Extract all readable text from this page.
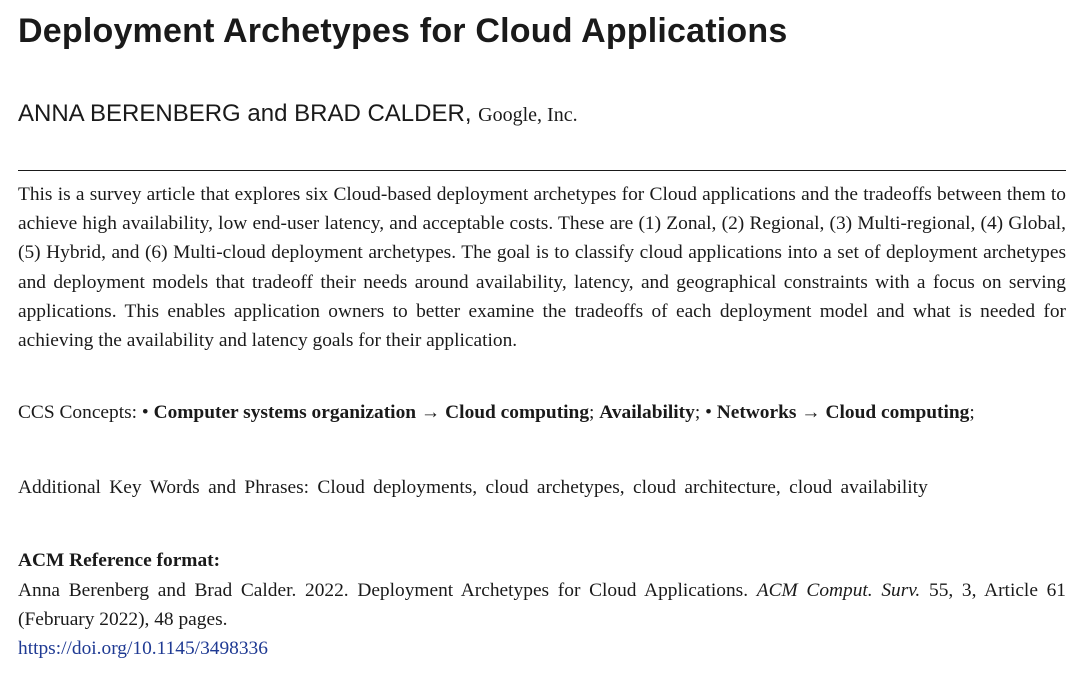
Deployment Archetypes for Cloud Applications
ANNA BERENBERG and BRAD CALDER, Google, Inc.

This is a survey article that explores six Cloud-based deployment archetypes for Cloud applications and the tradeoffs between them to achieve high availability, low end-user latency, and acceptable costs. These are (1) Zonal, (2) Regional, (3) Multi-regional, (4) Global, (5) Hybrid, and (6) Multi-cloud deployment archetypes. The goal is to classify cloud applications into a set of deployment archetypes and deployment models that tradeoff their needs around availability, latency, and geographical constraints with a focus on serving applications. This enables application owners to better examine the tradeoffs of each deployment model and what is needed for achieving the availability and latency goals for their application.

CCS Concepts: • Computer systems organization → Cloud computing; Availability; • Networks → Cloud computing;

Additional Key Words and Phrases: Cloud deployments, cloud archetypes, cloud architecture, cloud availability

ACM Reference format:

Anna Berenberg and Brad Calder. 2022. Deployment Archetypes for Cloud Applications. ACM Comput. Surv. 55, 3, Article 61 (February 2022), 48 pages.
https://doi.org/10.1145/3498336
